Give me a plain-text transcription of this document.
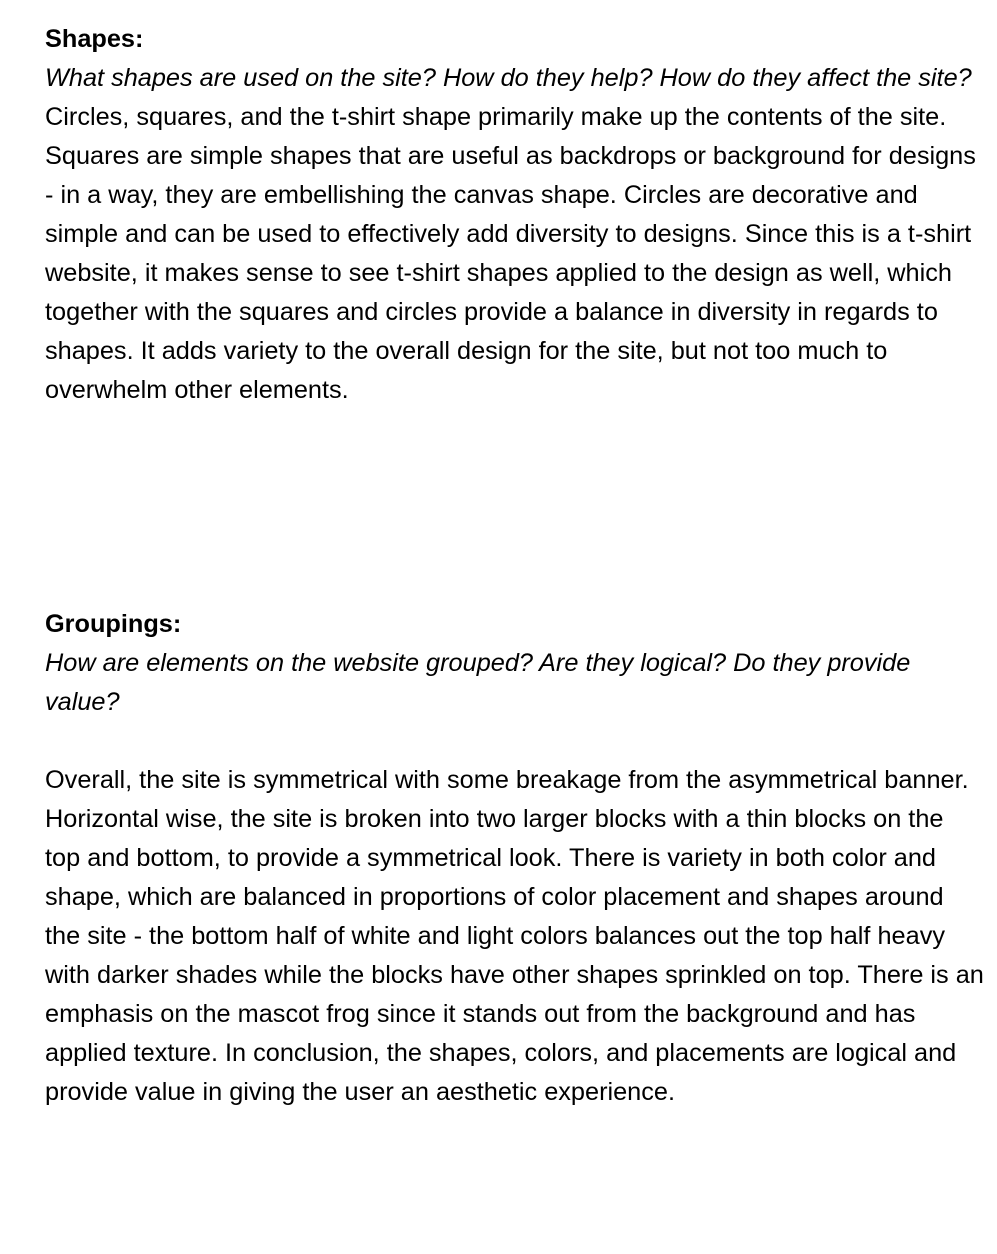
Shapes:

What shapes are used on the site? How do they help? How do they affect the site?

Circles, squares, and the t-shirt shape primarily make up the contents of the site. Squares are simple shapes that are useful as backdrops or background for designs - in a way, they are embellishing the canvas shape. Circles are decorative and simple and can be used to effectively add diversity to designs. Since this is a t-shirt website, it makes sense to see t-shirt shapes applied to the design as well, which together with the squares and circles provide a balance in diversity in regards to shapes. It adds variety to the overall design for the site, but not too much to overwhelm other elements.

Groupings:

How are elements on the website grouped? Are they logical? Do they provide value?

Overall, the site is symmetrical with some breakage from the asymmetrical banner. Horizontal wise, the site is broken into two larger blocks with a thin blocks on the top and bottom, to provide a symmetrical look. There is variety in both color and shape, which are balanced in proportions of color placement and shapes around the site - the bottom half of white and light colors balances out the top half heavy with darker shades while the blocks have other shapes sprinkled on top. There is an emphasis on the mascot frog since it stands out from the background and has applied texture. In conclusion, the shapes, colors, and placements are logical and provide value in giving the user an aesthetic experience.
